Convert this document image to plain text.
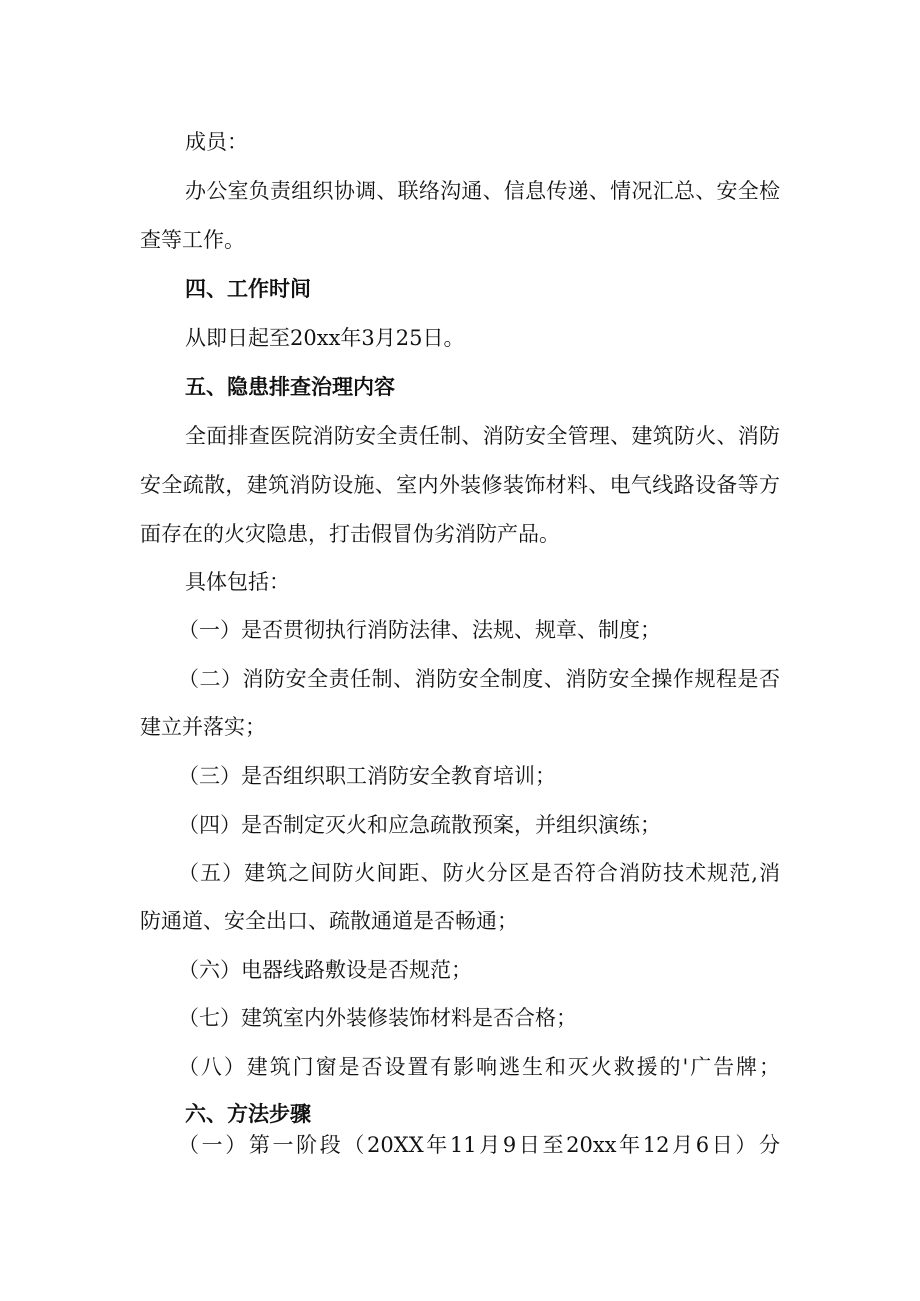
成员：
办公室负责组织协调、联络沟通、信息传递、情况汇总、安全检
查等工作。
四、工作时间
从即日起至20xx年3月25日。
五、隐患排查治理内容
全面排查医院消防安全责任制、消防安全管理、建筑防火、消防
安全疏散，建筑消防设施、室内外装修装饰材料、电气线路设备等方
面存在的火灾隐患，打击假冒伪劣消防产品。
具体包括：
（一）是否贯彻执行消防法律、法规、规章、制度；
（二）消防安全责任制、消防安全制度、消防安全操作规程是否
建立并落实；
（三）是否组织职工消防安全教育培训；
（四）是否制定灭火和应急疏散预案，并组织演练；
（五）建筑之间防火间距、防火分区是否符合消防技术规范,消
防通道、安全出口、疏散通道是否畅通；
（六）电器线路敷设是否规范；
（七）建筑室内外装修装饰材料是否合格；
（八）建筑门窗是否设置有影响逃生和灭火救援的'广告牌；
六、方法步骤
（一）第一阶段（20XX年11月9日至20xx年12月6日）分
